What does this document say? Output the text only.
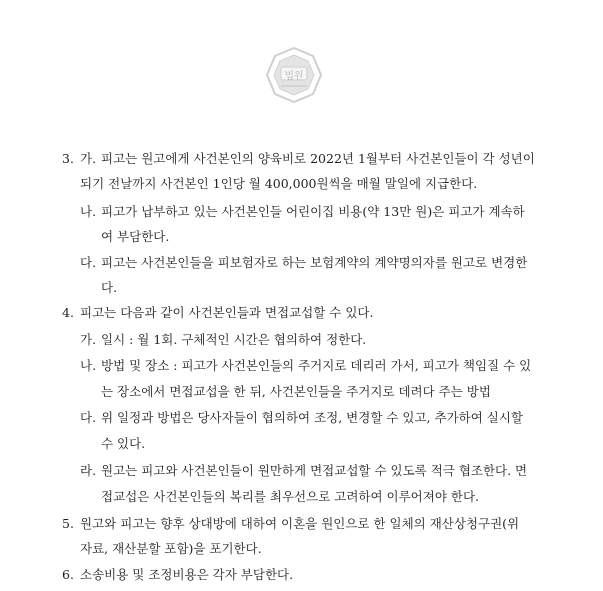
법원
3. 가. 피고는 원고에게 사건본인의 양육비로 2022년 1월부터 사건본인들이 각 성년이
되기 전날까지 사건본인 1인당 월 400,000원씩을 매월 말일에 지급한다.
나. 피고가 납부하고 있는 사건본인들 어린이집 비용(약 13만 원)은 피고가 계속하
여 부담한다.
다. 피고는 사건본인들을 피보험자로 하는 보험계약의 계약명의자를 원고로 변경한
다.
4. 피고는 다음과 같이 사건본인들과 면접교섭할 수 있다.
가. 일시 : 월 1회. 구체적인 시간은 협의하여 정한다.
나. 방법 및 장소 : 피고가 사건본인들의 주거지로 데리러 가서, 피고가 책임질 수 있
는 장소에서 면접교섭을 한 뒤, 사건본인들을 주거지로 데려다 주는 방법
다. 위 일정과 방법은 당사자들이 협의하여 조정, 변경할 수 있고, 추가하여 실시할
수 있다.
라. 원고는 피고와 사건본인들이 원만하게 면접교섭할 수 있도록 적극 협조한다. 면
접교섭은 사건본인들의 복리를 최우선으로 고려하여 이루어져야 한다.
5. 원고와 피고는 향후 상대방에 대하여 이혼을 원인으로 한 일체의 재산상청구권(위
자료, 재산분할 포함)을 포기한다.
6. 소송비용 및 조정비용은 각자 부담한다.
